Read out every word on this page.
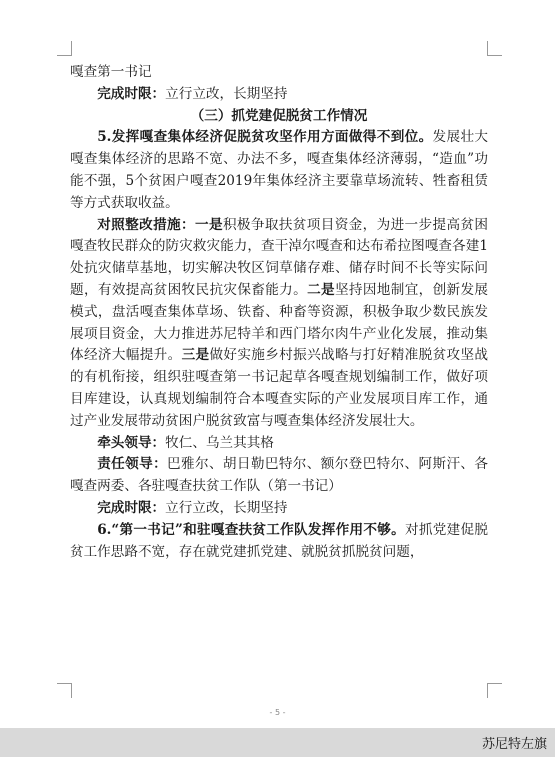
嘎查第一书记

完成时限：立行立改，长期坚持

（三）抓党建促脱贫工作情况

5.发挥嘎查集体经济促脱贫攻坚作用方面做得不到位。发展壮大嘎查集体经济的思路不宽、办法不多，嘎查集体经济薄弱，“造血”功能不强，5个贫困户嘎查2019年集体经济主要靠草场流转、牲畜租赁等方式获取收益。

对照整改措施：一是积极争取扶贫项目资金，为进一步提高贫困嘎查牧民群众的防灾救灾能力，查干淖尔嘎查和达布希拉图嘎查各建1处抗灾储草基地，切实解决牧区饲草储存难、储存时间不长等实际问题，有效提高贫困牧民抗灾保畜能力。二是坚持因地制宜，创新发展模式，盘活嘎查集体草场、铁畜、种畜等资源，积极争取少数民族发展项目资金，大力推进苏尼特羊和西门塔尔肉牛产业化发展，推动集体经济大幅提升。三是做好实施乡村振兴战略与打好精准脱贫攻坚战的有机衔接，组织驻嘎查第一书记起草各嘎查规划编制工作，做好项目库建设，认真规划编制符合本嘎查实际的产业发展项目库工作，通过产业发展带动贫困户脱贫致富与嘎查集体经济发展壮大。

牵头领导：牧仁、乌兰其其格

责任领导：巴雅尔、胡日勒巴特尔、额尔登巴特尔、阿斯汗、各嘎查两委、各驻嘎查扶贫工作队（第一书记）

完成时限：立行立改，长期坚持

6.“第一书记”和驻嘎查扶贫工作队发挥作用不够。对抓党建促脱贫工作思路不宽，存在就党建抓党建、就脱贫抓脱贫问题，

- 5 -
苏尼特左旗
